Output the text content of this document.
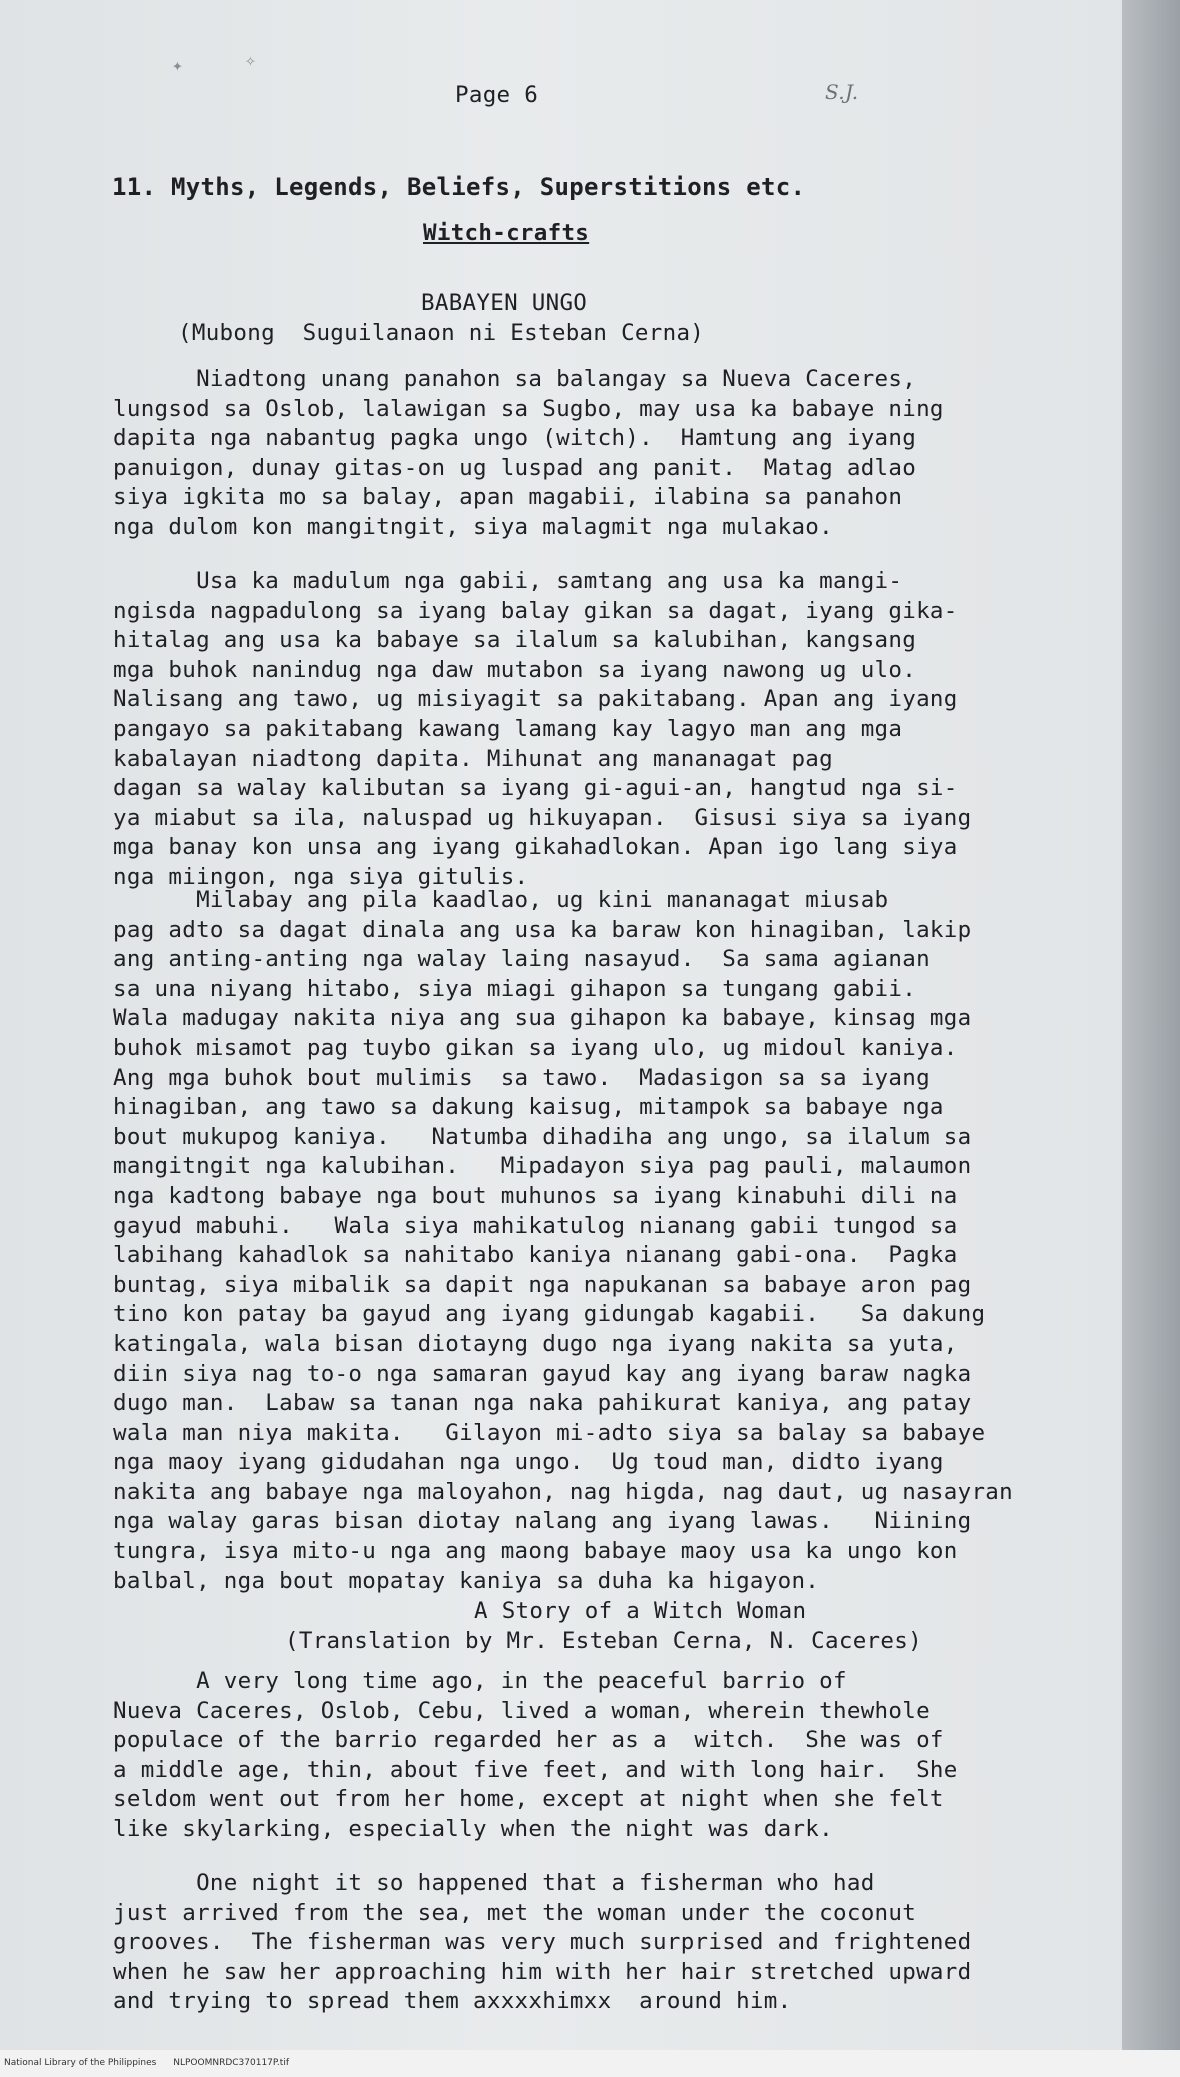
✦	✧
Page 6	S.J.
11. Myths, Legends, Beliefs, Superstitions etc.
Witch-crafts
BABAYEN UNGO
(Mubong  Suguilanaon ni Esteban Cerna)
Niadtong unang panahon sa balangay sa Nueva Caceres,
lungsod sa Oslob, lalawigan sa Sugbo, may usa ka babaye ning
dapita nga nabantug pagka ungo (witch).  Hamtung ang iyang
panuigon, dunay gitas-on ug luspad ang panit.  Matag adlao
siya igkita mo sa balay, apan magabii, ilabina sa panahon
nga dulom kon mangitngit, siya malagmit nga mulakao.
Usa ka madulum nga gabii, samtang ang usa ka mangi-
ngisda nagpadulong sa iyang balay gikan sa dagat, iyang gika-
hitalag ang usa ka babaye sa ilalum sa kalubihan, kangsang
mga buhok nanindug nga daw mutabon sa iyang nawong ug ulo.
Nalisang ang tawo, ug misiyagit sa pakitabang. Apan ang iyang
pangayo sa pakitabang kawang lamang kay lagyo man ang mga
kabalayan niadtong dapita. Mihunat ang mananagat pag
dagan sa walay kalibutan sa iyang gi-agui-an, hangtud nga si-
ya miabut sa ila, naluspad ug hikuyapan.  Gisusi siya sa iyang
mga banay kon unsa ang iyang gikahadlokan. Apan igo lang siya
nga miingon, nga siya gitulis.
Milabay ang pila kaadlao, ug kini mananagat miusab
pag adto sa dagat dinala ang usa ka baraw kon hinagiban, lakip
ang anting-anting nga walay laing nasayud.  Sa sama agianan
sa una niyang hitabo, siya miagi gihapon sa tungang gabii.
Wala madugay nakita niya ang sua gihapon ka babaye, kinsag mga
buhok misamot pag tuybo gikan sa iyang ulo, ug midoul kaniya.
Ang mga buhok bout mulimis  sa tawo.  Madasigon sa sa iyang
hinagiban, ang tawo sa dakung kaisug, mitampok sa babaye nga
bout mukupog kaniya.   Natumba dihadiha ang ungo, sa ilalum sa
mangitngit nga kalubihan.   Mipadayon siya pag pauli, malaumon
nga kadtong babaye nga bout muhunos sa iyang kinabuhi dili na
gayud mabuhi.   Wala siya mahikatulog nianang gabii tungod sa
labihang kahadlok sa nahitabo kaniya nianang gabi-ona.  Pagka
buntag, siya mibalik sa dapit nga napukanan sa babaye aron pag
tino kon patay ba gayud ang iyang gidungab kagabii.   Sa dakung
katingala, wala bisan diotayng dugo nga iyang nakita sa yuta,
diin siya nag to-o nga samaran gayud kay ang iyang baraw nagka
dugo man.  Labaw sa tanan nga naka pahikurat kaniya, ang patay
wala man niya makita.   Gilayon mi-adto siya sa balay sa babaye
nga maoy iyang gidudahan nga ungo.  Ug toud man, didto iyang
nakita ang babaye nga maloyahon, nag higda, nag daut, ug nasayran
nga walay garas bisan diotay nalang ang iyang lawas.   Niining
tungra, isya mito-u nga ang maong babaye maoy usa ka ungo kon
balbal, nga bout mopatay kaniya sa duha ka higayon.
A Story of a Witch Woman
(Translation by Mr. Esteban Cerna, N. Caceres)
A very long time ago, in the peaceful barrio of
Nueva Caceres, Oslob, Cebu, lived a woman, wherein thewhole
populace of the barrio regarded her as a  witch.  She was of
a middle age, thin, about five feet, and with long hair.  She
seldom went out from her home, except at night when she felt
like skylarking, especially when the night was dark.
One night it so happened that a fisherman who had
just arrived from the sea, met the woman under the coconut
grooves.  The fisherman was very much surprised and frightened
when he saw her approaching him with her hair stretched upward
and trying to spread them axxxxhimxx  around him.
National Library of the Philippines NLPOOMNRDC370117P.tif
